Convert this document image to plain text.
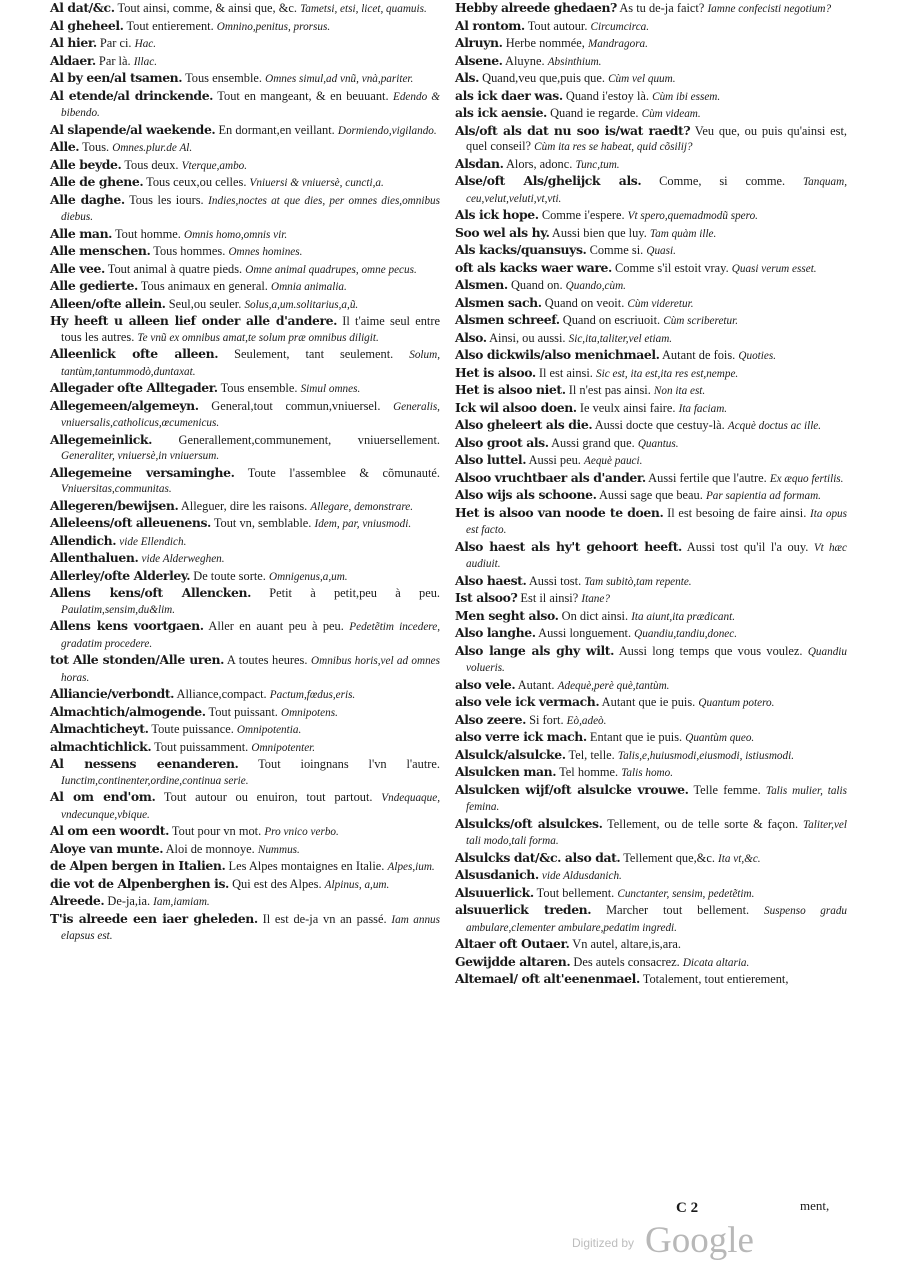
Al dat/&c. Tout ainsi, comme, & ainsi que, &c. Tametsi, etsi, licet, quamuis.

Al gheheel. Tout entierement. Omnino,penitus, prorsus.

Al hier. Par ci. Hac.

Aldaer. Par là. Illac.

Al by een/al tsamen. Tous ensemble. Omnes simul,ad vnũ, vnà,pariter.

Al etende/al drinckende. Tout en mangeant, & en beuuant. Edendo & bibendo.

Al slapende/al waekende. En dormant,en veillant. Dormiendo,vigilando.

Alle. Tous. Omnes.plur.de Al.

Alle beyde. Tous deux. Vterque,ambo.

Alle de ghene. Tous ceux,ou celles. Vniuersi & vniuersè, cuncti,a.

Alle daghe. Tous les iours. Indies,noctes at que dies, per omnes dies,omnibus diebus.

Alle man. Tout homme. Omnis homo,omnis vir.

Alle menschen. Tous hommes. Omnes homines.

Alle vee. Tout animal à quatre pieds. Omne animal quadrupes, omne pecus.

Alle gedierte. Tous animaux en general. Omnia animalia.

Alleen/ofte allein. Seul,ou seuler. Solus,a,um.solitarius,a,ũ.

Hy heeft u alleen lief onder alle d'andere. Il t'aime seul entre tous les autres. Te vnũ ex omnibus amat,te solum præ omnibus diligit.

Alleenlick ofte alleen. Seulement, tant seulement. Solum, tantùm,tantummodò,duntaxat.

Allegader ofte Alltegader. Tous ensemble. Simul omnes.

Allegemeen/algemeyn. General,tout commun,vniuersel. Generalis, vniuersalis,catholicus,œcumenicus.

Allegemeinlick. Generallement,communement, vniuersellement. Generaliter, vniuersè,in vniuersum.

Allegemeine versaminghe. Toute l'assemblee & cõmunauté. Vniuersitas,communitas.

Allegeren/bewijsen. Alleguer, dire les raisons. Allegare, demonstrare.

Alleleens/oft alleuenens. Tout vn, semblable. Idem, par, vniusmodi.

Allendich. vide Ellendich.

Allenthaluen. vide Alderweghen.

Allerley/ofte Alderley. De toute sorte. Omnigenus,a,um.

Allens kens/oft Allencken. Petit à petit,peu à peu. Paulatim,sensim,du&lim.

Allens kens voortgaen. Aller en auant peu à peu. Pedetẽtim incedere, gradatim procedere.

tot Alle stonden/Alle uren. A toutes heures. Omnibus horis,vel ad omnes horas.

Alliancie/verbondt. Alliance,compact. Pactum,fœdus,eris.

Almachtich/almogende. Tout puissant. Omnipotens.

Almachticheyt. Toute puissance. Omnipotentia.

almachtichlick. Tout puissamment. Omnipotenter.

Al nessens eenanderen. Tout ioingnans l'vn l'autre. Iunctim,continenter,ordine,continua serie.

Al om end'om. Tout autour ou enuiron, tout partout. Vndequaque, vndecunque,vbique.

Al om een woordt. Tout pour vn mot. Pro vnico verbo.

Aloye van munte. Aloi de monnoye. Nummus.

de Alpen bergen in Italien. Les Alpes montaignes en Italie. Alpes,ium.

die vot de Alpenberghen is. Qui est des Alpes. Alpinus, a,um.

Alreede. De-ja,ia. Iam,iamiam.

T'is alreede een iaer gheleden. Il est de-ja vn an passé. Iam annus elapsus est.

Hebby alreede ghedaen? As tu de-ja faict? Iamne confecisti negotium?

Al rontom. Tout autour. Circumcirca.

Alruyn. Herbe nommée, Mandragora.

Alsene. Aluyne. Absinthium.

Als. Quand,veu que,puis que. Cùm vel quum.

als ick daer was. Quand i'estoy là. Cùm ibi essem.

als ick aensie. Quand ie regarde. Cùm videam.

Als/oft als dat nu soo is/wat raedt? Veu que, ou puis qu'ainsi est, quel conseil? Cùm ita res se habeat, quid cõsilij?

Alsdan. Alors, adonc. Tunc,tum.

Alse/oft Als/ghelijck als. Comme, si comme. Tanquam, ceu,velut,veluti,vt,vti.

Als ick hope. Comme i'espere. Vt spero,quemadmodũ spero.

Soo wel als hy. Aussi bien que luy. Tam quàm ille.

Als kacks/quansuys. Comme si. Quasi.

oft als kacks waer ware. Comme s'il estoit vray. Quasi verum esset.

Alsmen. Quand on. Quando,cùm.

Alsmen sach. Quand on veoit. Cùm videretur.

Alsmen schreef. Quand on escriuoit. Cùm scriberetur.

Also. Ainsi, ou aussi. Sic,ita,taliter,vel etiam.

Also dickwils/also menichmael. Autant de fois. Quoties.

Het is alsoo. Il est ainsi. Sic est, ita est,ita res est,nempe.

Het is alsoo niet. Il n'est pas ainsi. Non ita est.

Ick wil alsoo doen. Ie veulx ainsi faire. Ita faciam.

Also gheleert als die. Aussi docte que cestuy-là. Acquè doctus ac ille.

Also groot als. Aussi grand que. Quantus.

Also luttel. Aussi peu. Aequè pauci.

Alsoo vruchtbaer als d'ander. Aussi fertile que l'autre. Ex æquo fertilis.

Also wijs als schoone. Aussi sage que beau. Par sapientia ad formam.

Het is alsoo van noode te doen. Il est besoing de faire ainsi. Ita opus est facto.

Also haest als hy't gehoort heeft. Aussi tost qu'il l'a ouy. Vt hæc audiuit.

Also haest. Aussi tost. Tam subitò,tam repente.

Ist alsoo? Est il ainsi? Itane?

Men seght also. On dict ainsi. Ita aiunt,ita prædicant.

Also langhe. Aussi longuement. Quandiu,tandiu,donec.

Also lange als ghy wilt. Aussi long temps que vous voulez. Quandiu volueris.

also vele. Autant. Adequè,perè què,tantùm.

also vele ick vermach. Autant que ie puis. Quantum potero.

Also zeere. Si fort. Eò,adeò.

also verre ick mach. Entant que ie puis. Quantùm queo.

Alsulck/alsulcke. Tel, telle. Talis,e,huiusmodi,eiusmodi, istiusmodi.

Alsulcken man. Tel homme. Talis homo.

Alsulcken wijf/oft alsulcke vrouwe. Telle femme. Talis mulier, talis femina.

Alsulcks/oft alsulckes. Tellement, ou de telle sorte & façon. Taliter,vel tali modo,tali forma.

Alsulcks dat/&c. also dat. Tellement que,&c. Ita vt,&c.

Alsusdanich. vide Aldusdanich.

Alsuuerlick. Tout bellement. Cunctanter, sensim, pedetẽtim.

alsuuerlick treden. Marcher tout bellement. Suspenso gradu ambulare,clementer ambulare,pedatim ingredi.

Altaer oft Outaer. Vn autel, altare,is,ara.

Gewijdde altaren. Des autels consacrez. Dicata altaria.

Altemael/ oft alt'eenenmael. Totalement, tout entierement,

C 2	ment,
Digitized by Google
